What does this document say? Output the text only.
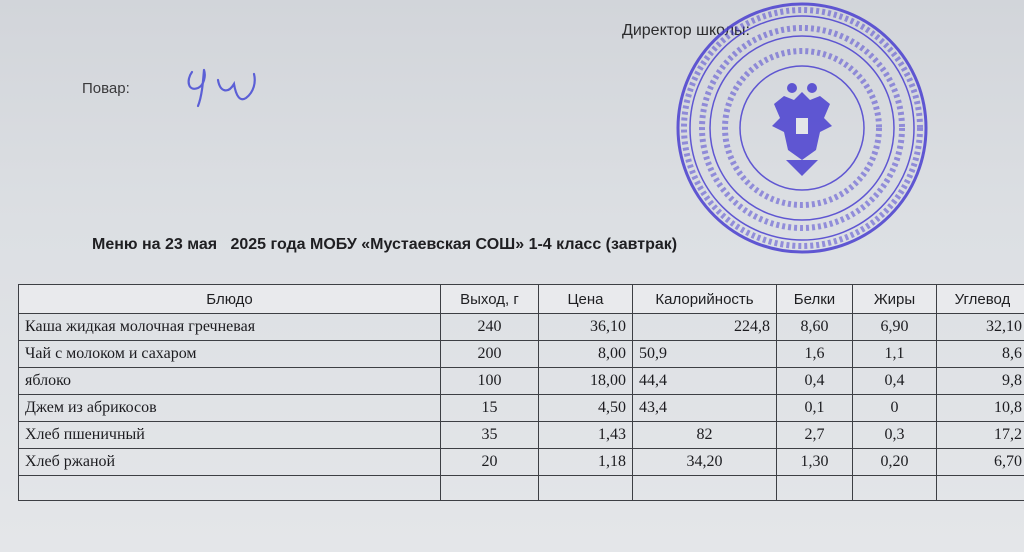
Директор школы:
Повар:
Меню на 23 мая   2025 года МОБУ «Мустаевская СОШ» 1-4 класс (завтрак)
Блюдо	Выход, г	Цена	Калорийность	Белки	Жиры	Углевод
Каша жидкая молочная гречневая	240	36,10	224,8	8,60	6,90	32,10
Чай с молоком и сахаром	200	8,00	50,9	1,6	1,1	8,6
яблоко	100	18,00	44,4	0,4	0,4	9,8
Джем из абрикосов	15	4,50	43,4	0,1	0	10,8
Хлеб пшеничный	35	1,43	82	2,7	0,3	17,2
Хлеб ржаной	20	1,18	34,20	1,30	0,20	6,70
